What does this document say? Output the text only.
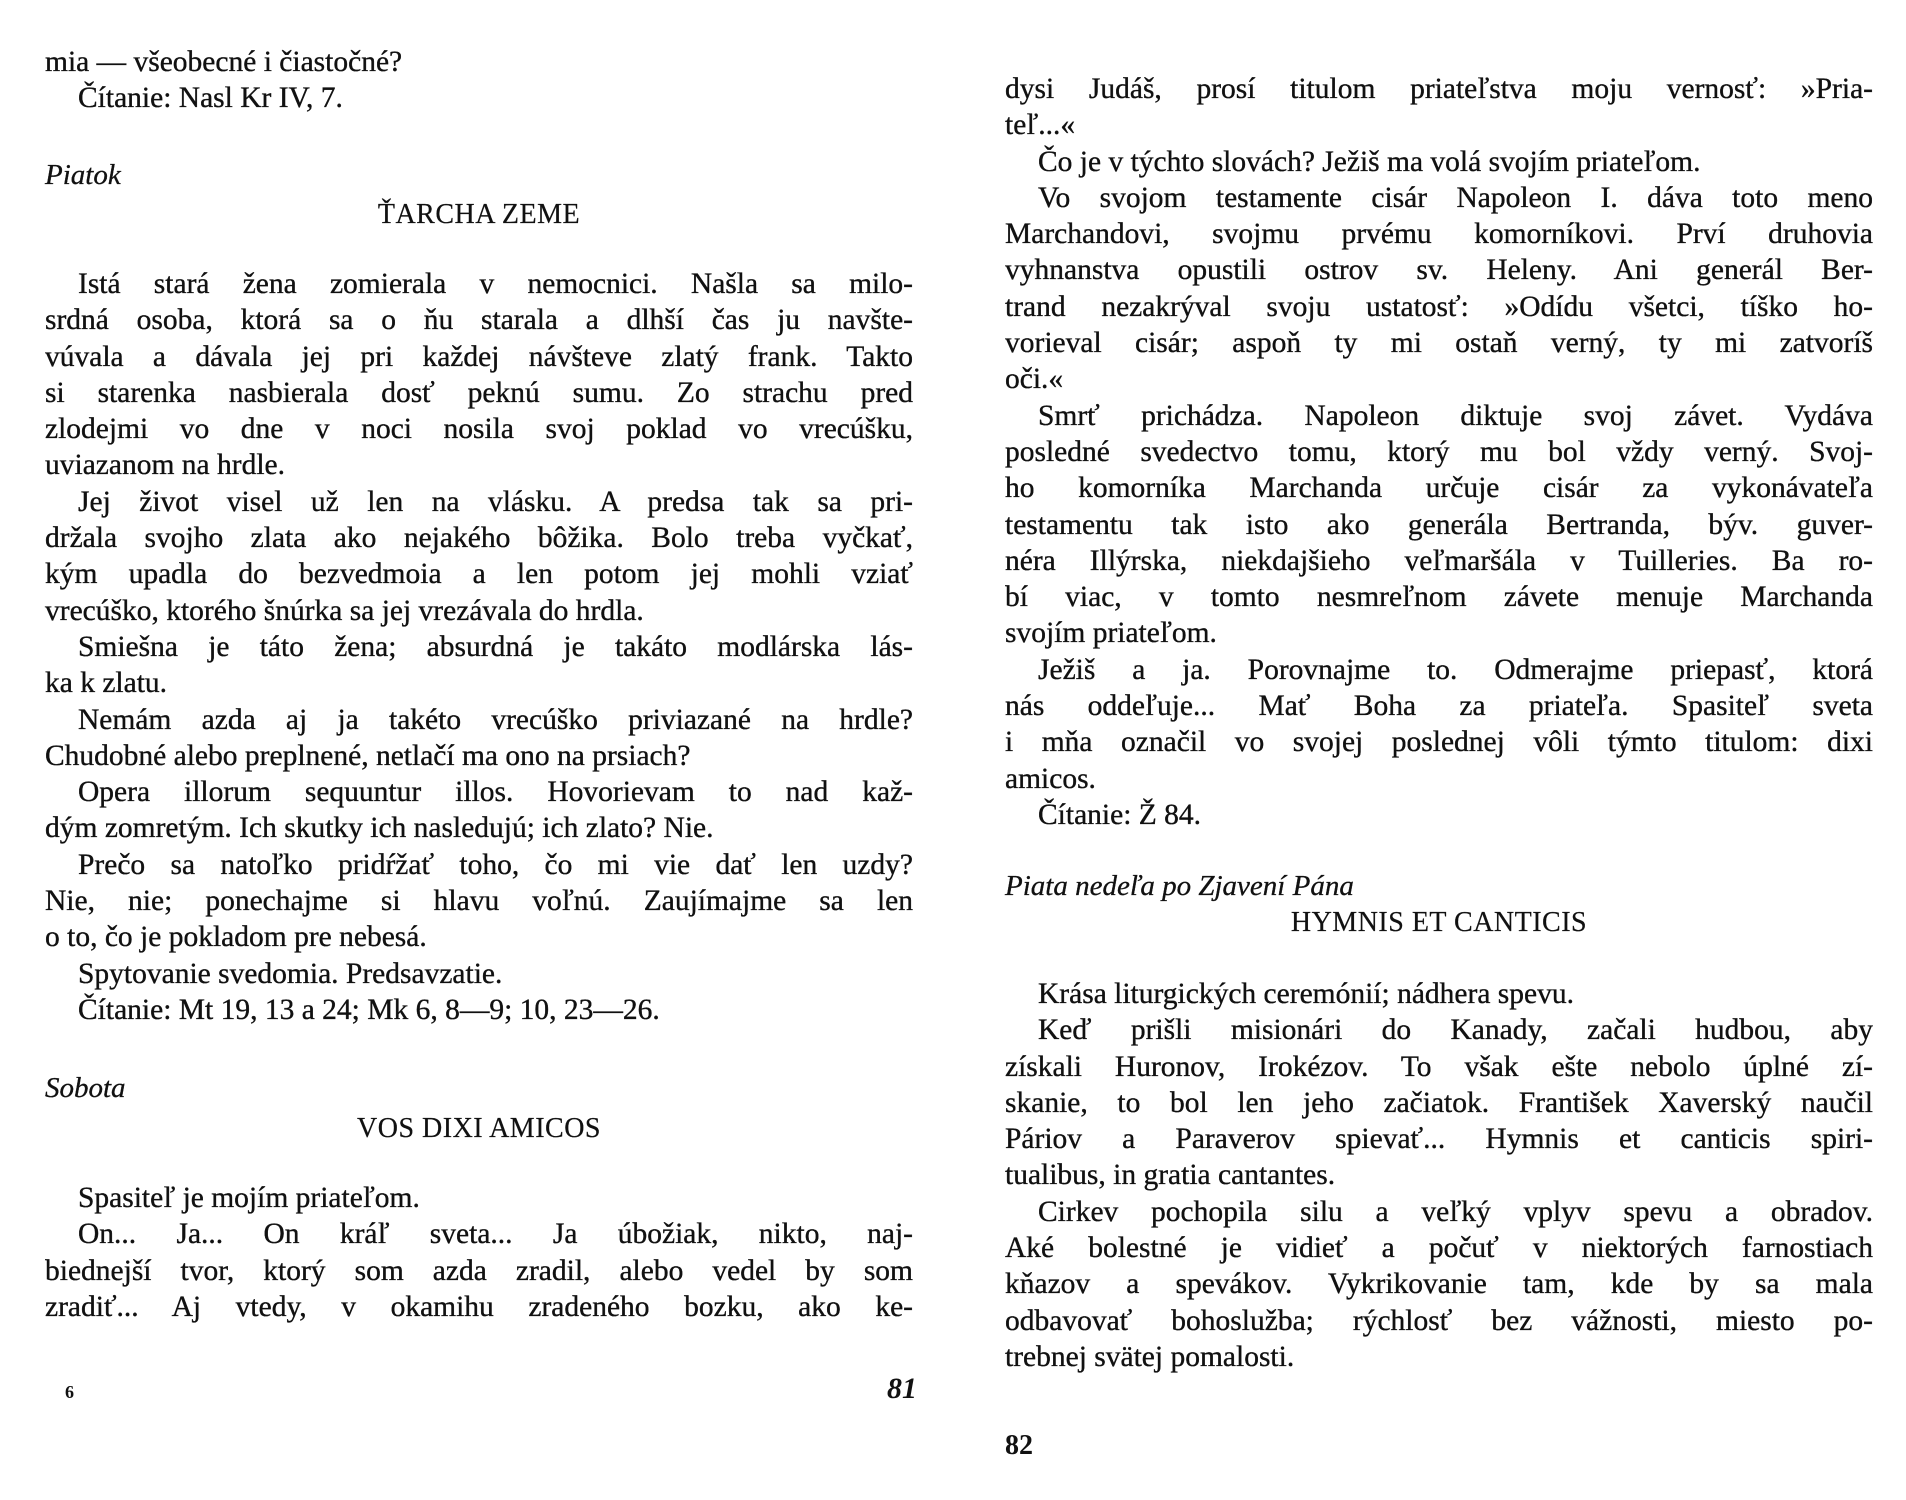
mia — všeobecné i čiastočné?
Čítanie: Nasl Kr IV, 7.
Piatok
ŤARCHA ZEME
Istá stará žena zomierala v nemocnici. Našla sa milo-
srdná osoba, ktorá sa o ňu starala a dlhší čas ju navšte-
vúvala a dávala jej pri každej návšteve zlatý frank. Takto
si starenka nasbierala dosť peknú sumu. Zo strachu pred
zlodejmi vo dne v noci nosila svoj poklad vo vrecúšku,
uviazanom na hrdle.
Jej život visel už len na vlásku. A predsa tak sa pri-
držala svojho zlata ako nejakého bôžika. Bolo treba vyčkať,
kým upadla do bezvedmoia a len potom jej mohli vziať
vrecúško, ktorého šnúrka sa jej vrezávala do hrdla.
Smiešna je táto žena; absurdná je takáto modlárska lás-
ka k zlatu.
Nemám azda aj ja takéto vrecúško priviazané na hrdle?
Chudobné alebo preplnené, netlačí ma ono na prsiach?
Opera illorum sequuntur illos. Hovorievam to nad kaž-
dým zomretým. Ich skutky ich nasledujú; ich zlato? Nie.
Prečo sa natoľko pridŕžať toho, čo mi vie dať len uzdy?
Nie, nie; ponechajme si hlavu voľnú. Zaujímajme sa len
o to, čo je pokladom pre nebesá.
Spytovanie svedomia. Predsavzatie.
Čítanie: Mt 19, 13 a 24; Mk 6, 8—9; 10, 23—26.
Sobota
VOS DIXI AMICOS
Spasiteľ je mojím priateľom.
On... Ja... On kráľ sveta... Ja úbožiak, nikto, naj-
biednejší tvor, ktorý som azda zradil, alebo vedel by som
zradiť... Aj vtedy, v okamihu zradeného bozku, ako ke-
6	81
dysi Judáš, prosí titulom priateľstva moju vernosť: »Pria-
teľ...«
Čo je v týchto slovách? Ježiš ma volá svojím priateľom.
Vo svojom testamente cisár Napoleon I. dáva toto meno
Marchandovi, svojmu prvému komorníkovi. Prví druhovia
vyhnanstva opustili ostrov sv. Heleny. Ani generál Ber-
trand nezakrýval svoju ustatosť: »Odídu všetci, tíško ho-
vorieval cisár; aspoň ty mi ostaň verný, ty mi zatvoríš
oči.«
Smrť prichádza. Napoleon diktuje svoj závet. Vydáva
posledné svedectvo tomu, ktorý mu bol vždy verný. Svoj-
ho komorníka Marchanda určuje cisár za vykonávateľa
testamentu tak isto ako generála Bertranda, býv. guver-
néra Illýrska, niekdajšieho veľmaršála v Tuilleries. Ba ro-
bí viac, v tomto nesmreľnom závete menuje Marchanda
svojím priateľom.
Ježiš a ja. Porovnajme to. Odmerajme priepasť, ktorá
nás oddeľuje... Mať Boha za priateľa. Spasiteľ sveta
i mňa označil vo svojej poslednej vôli týmto titulom: dixi
amicos.
Čítanie: Ž 84.
Piata nedeľa po Zjavení Pána
HYMNIS ET CANTICIS
Krása liturgických ceremónií; nádhera spevu.
Keď prišli misionári do Kanady, začali hudbou, aby
získali Huronov, Irokézov. To však ešte nebolo úplné zí-
skanie, to bol len jeho začiatok. František Xaverský naučil
Páriov a Paraverov spievať... Hymnis et canticis spiri-
tualibus, in gratia cantantes.
Cirkev pochopila silu a veľký vplyv spevu a obradov.
Aké bolestné je vidieť a počuť v niektorých farnostiach
kňazov a spevákov. Vykrikovanie tam, kde by sa mala
odbavovať bohoslužba; rýchlosť bez vážnosti, miesto po-
trebnej svätej pomalosti.
82
